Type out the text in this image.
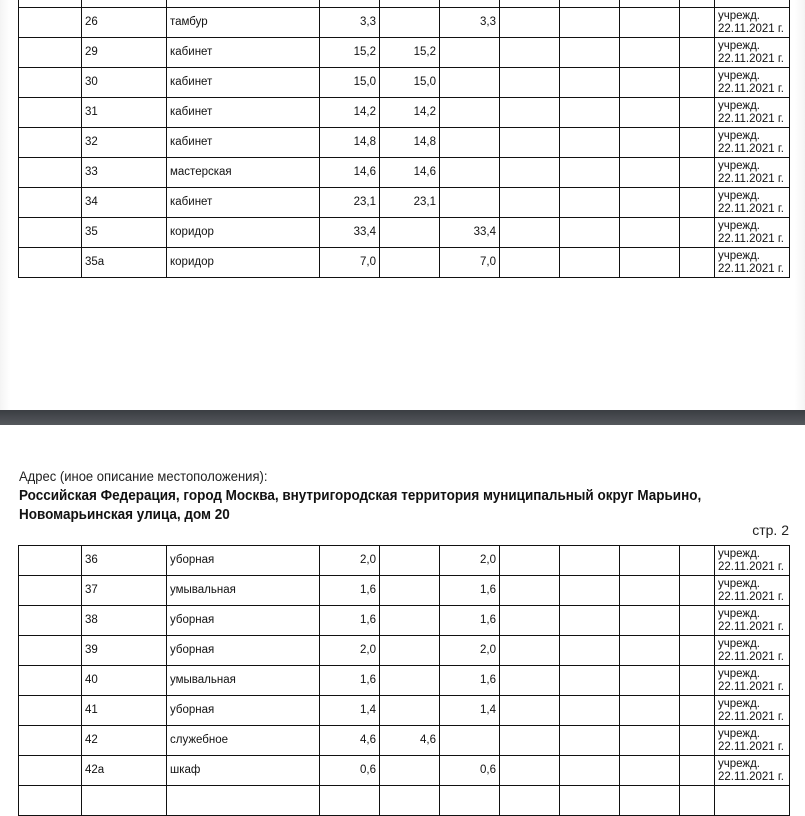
	26	тамбур	3,3		3,3					учрежд.
22.11.2021 г.

	29	кабинет	15,2	15,2						учрежд.
22.11.2021 г.

	30	кабинет	15,0	15,0						учрежд.
22.11.2021 г.

	31	кабинет	14,2	14,2						учрежд.
22.11.2021 г.

	32	кабинет	14,8	14,8						учрежд.
22.11.2021 г.

	33	мастерская	14,6	14,6						учрежд.
22.11.2021 г.

	34	кабинет	23,1	23,1						учрежд.
22.11.2021 г.

	35	коридор	33,4		33,4					учрежд.
22.11.2021 г.

	35а	коридор	7,0		7,0					учрежд.
22.11.2021 г.
Адрес (иное описание местоположения):
Российская Федерация, город Москва, внутригородская территория муниципальный округ Марьино, Новомарьинская улица, дом 20
стр. 2
	36	уборная	2,0		2,0					учрежд.
22.11.2021 г.

	37	умывальная	1,6		1,6					учрежд.
22.11.2021 г.

	38	уборная	1,6		1,6					учрежд.
22.11.2021 г.

	39	уборная	2,0		2,0					учрежд.
22.11.2021 г.

	40	умывальная	1,6		1,6					учрежд.
22.11.2021 г.

	41	уборная	1,4		1,4					учрежд.
22.11.2021 г.

	42	служебное	4,6	4,6						учрежд.
22.11.2021 г.

	42а	шкаф	0,6		0,6					учрежд.
22.11.2021 г.
